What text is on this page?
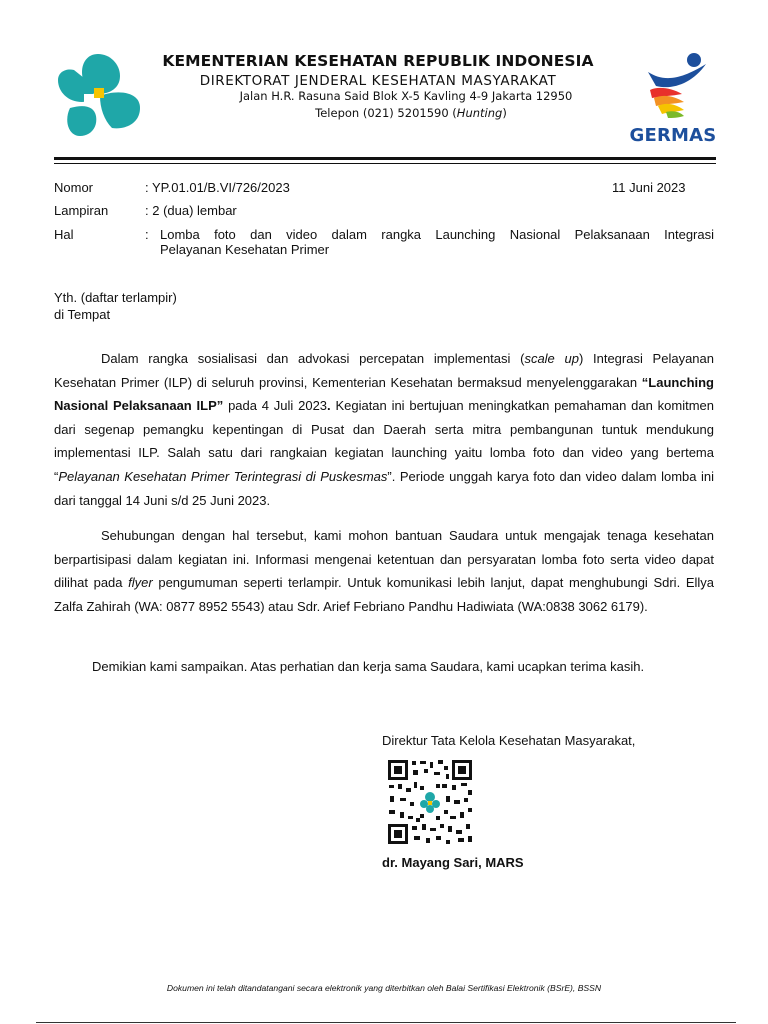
KEMENTERIAN KESEHATAN REPUBLIK INDONESIA
DIREKTORAT JENDERAL KESEHATAN MASYARAKAT
Jalan H.R. Rasuna Said Blok X-5 Kavling 4-9 Jakarta 12950
Telepon (021) 5201590 (Hunting)
GERMAS
Nomor	: YP.01.01/B.VI/726/2023	11 Juni 2023
Lampiran	: 2 (dua) lembar
Hal	: Lomba foto dan video dalam rangka Launching Nasional Pelaksanaan Integrasi
Pelayanan Kesehatan Primer
Yth. (daftar terlampir)
di Tempat

Dalam rangka sosialisasi dan advokasi percepatan implementasi (scale up) Integrasi Pelayanan Kesehatan Primer (ILP) di seluruh provinsi, Kementerian Kesehatan bermaksud menyelenggarakan “Launching Nasional Pelaksanaan ILP” pada 4 Juli 2023. Kegiatan ini bertujuan meningkatkan pemahaman dan komitmen dari segenap pemangku kepentingan di Pusat dan Daerah serta mitra pembangunan tuntuk mendukung implementasi ILP. Salah satu dari rangkaian kegiatan launching yaitu lomba foto dan video yang bertema “Pelayanan Kesehatan Primer Terintegrasi di Puskesmas”. Periode unggah karya foto dan video dalam lomba ini dari tanggal 14 Juni s/d 25 Juni 2023.

Sehubungan dengan hal tersebut, kami mohon bantuan Saudara untuk mengajak tenaga kesehatan berpartisipasi dalam kegiatan ini. Informasi mengenai ketentuan dan persyaratan lomba foto serta video dapat dilihat pada flyer pengumuman seperti terlampir. Untuk komunikasi lebih lanjut, dapat menghubungi Sdri. Ellya Zalfa Zahirah (WA: 0877 8952 5543) atau Sdr. Arief Febriano Pandhu Hadiwiata (WA:0838 3062 6179).

Demikian kami sampaikan. Atas perhatian dan kerja sama Saudara, kami ucapkan terima kasih.
Direktur Tata Kelola Kesehatan Masyarakat,
dr. Mayang Sari, MARS
Dokumen ini telah ditandatangani secara elektronik yang diterbitkan oleh Balai Sertifikasi Elektronik (BSrE), BSSN
